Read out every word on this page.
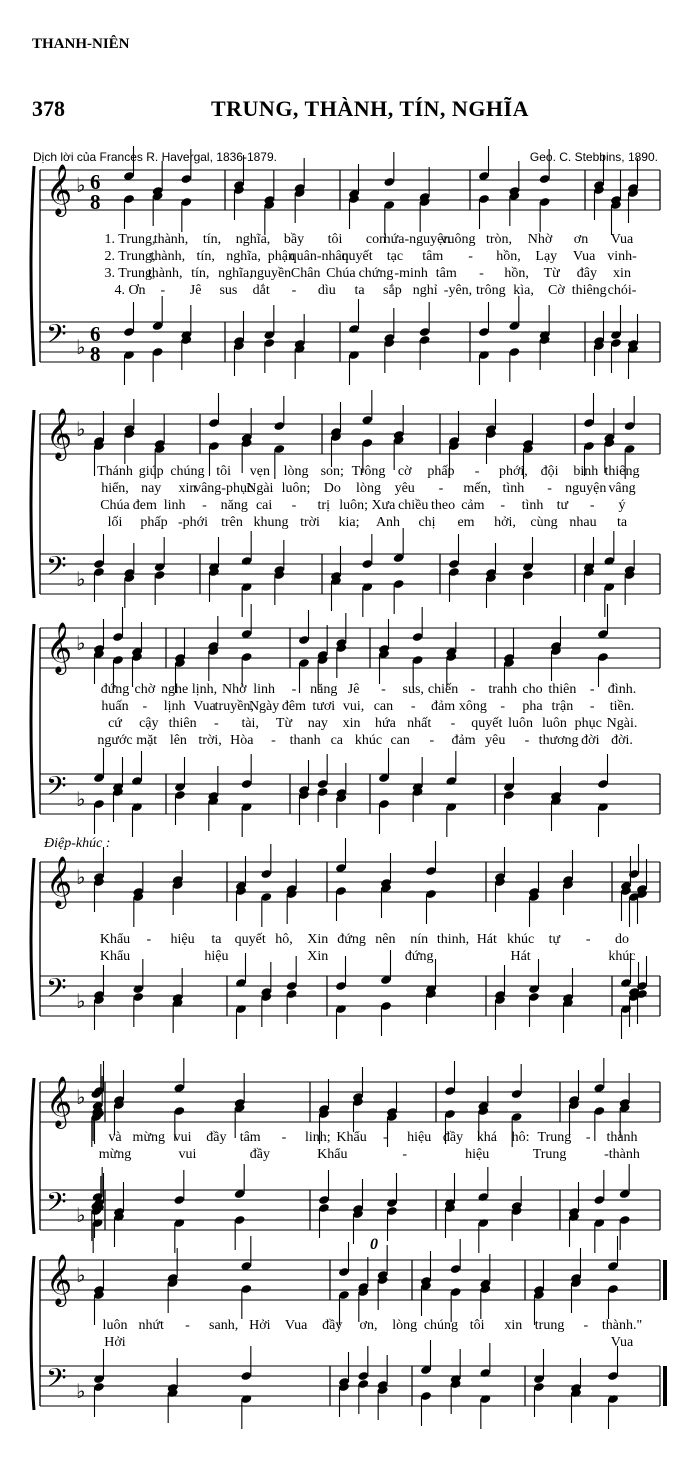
THANH-NIÊN
378	TRUNG, THÀNH, TÍN, NGHĨA
Dịch lời của Frances R. Havergal, 1836-1879.	Geo. C. Stebbins, 1890.
𝄞
𝄢
♭
♭
6
8
6
8
1. Trung,
thành, tín, nghĩa, bầy tôi con
hứa-nguyện
vuông tròn, Nhờ ơn Vua
2. Trung,
thành, tín, nghĩa, phận
quân-nhân
quyết tạc tâm - hồn, Lạy Vua vinh-
3. Trung,
thành, tín, nghĩa,
nguyền Chân Chúa chứng -minh tâm - hồn, Từ đây xin
4. Ơn - Jê sus dắt - dìu ta sắp nghỉ -yên, trông kìa, Cờ thiêng chói-
𝄞
𝄢
♭
♭
Thánh giúp chúng tôi vẹn lòng son; Trông cờ phấp - phới, đội binh thiêng
hiển, nay xin
vâng-phục
Ngài luôn; Do lòng yêu - mến, tình - nguyện vâng
Chúa đem linh - năng cai - trị luôn; Xưa chiều theo cảm - tình tư - ý
lối phấp -phới trên khung trời kia; Anh chị em hởi, cùng nhau ta
𝄞
𝄢
♭
♭
đứng chờ nghe lịnh, Nhờ linh - năng Jê - sus, chiến - tranh cho thiên - đình.
huấn - lịnh Vua
truyền,
Ngày đêm tươi vui, can - đảm xông - pha trận - tiền.
cứ cậy thiên - tài, Từ nay xin hứa nhất - quyết luôn luôn phục Ngài.
ngước mặt lên trời, Hòa - thanh ca khúc can - đảm yêu - thương đời đời.
𝄞
𝄢
♭
♭
Điệp-khúc :
Khẩu - hiệu ta quyết hô, Xin đứng nên nín thinh, Hát khúc tự - do
Khẩu	hiệu	Xin	đứng	Hát	khúc
𝄞
𝄢
♭
♭
và mừng vui đầy tâm - linh; Khẩu - hiệu đầy khá hô: Trung - thành
mừng	vui	đầy	Khẩu	-	hiệu	Trung	-thành
𝄞
𝄢
♭
♭
0
luôn nhứt - sanh, Hởi Vua đầy ơn, lòng chúng tôi xin trung - thành."
Hởi	Vua
